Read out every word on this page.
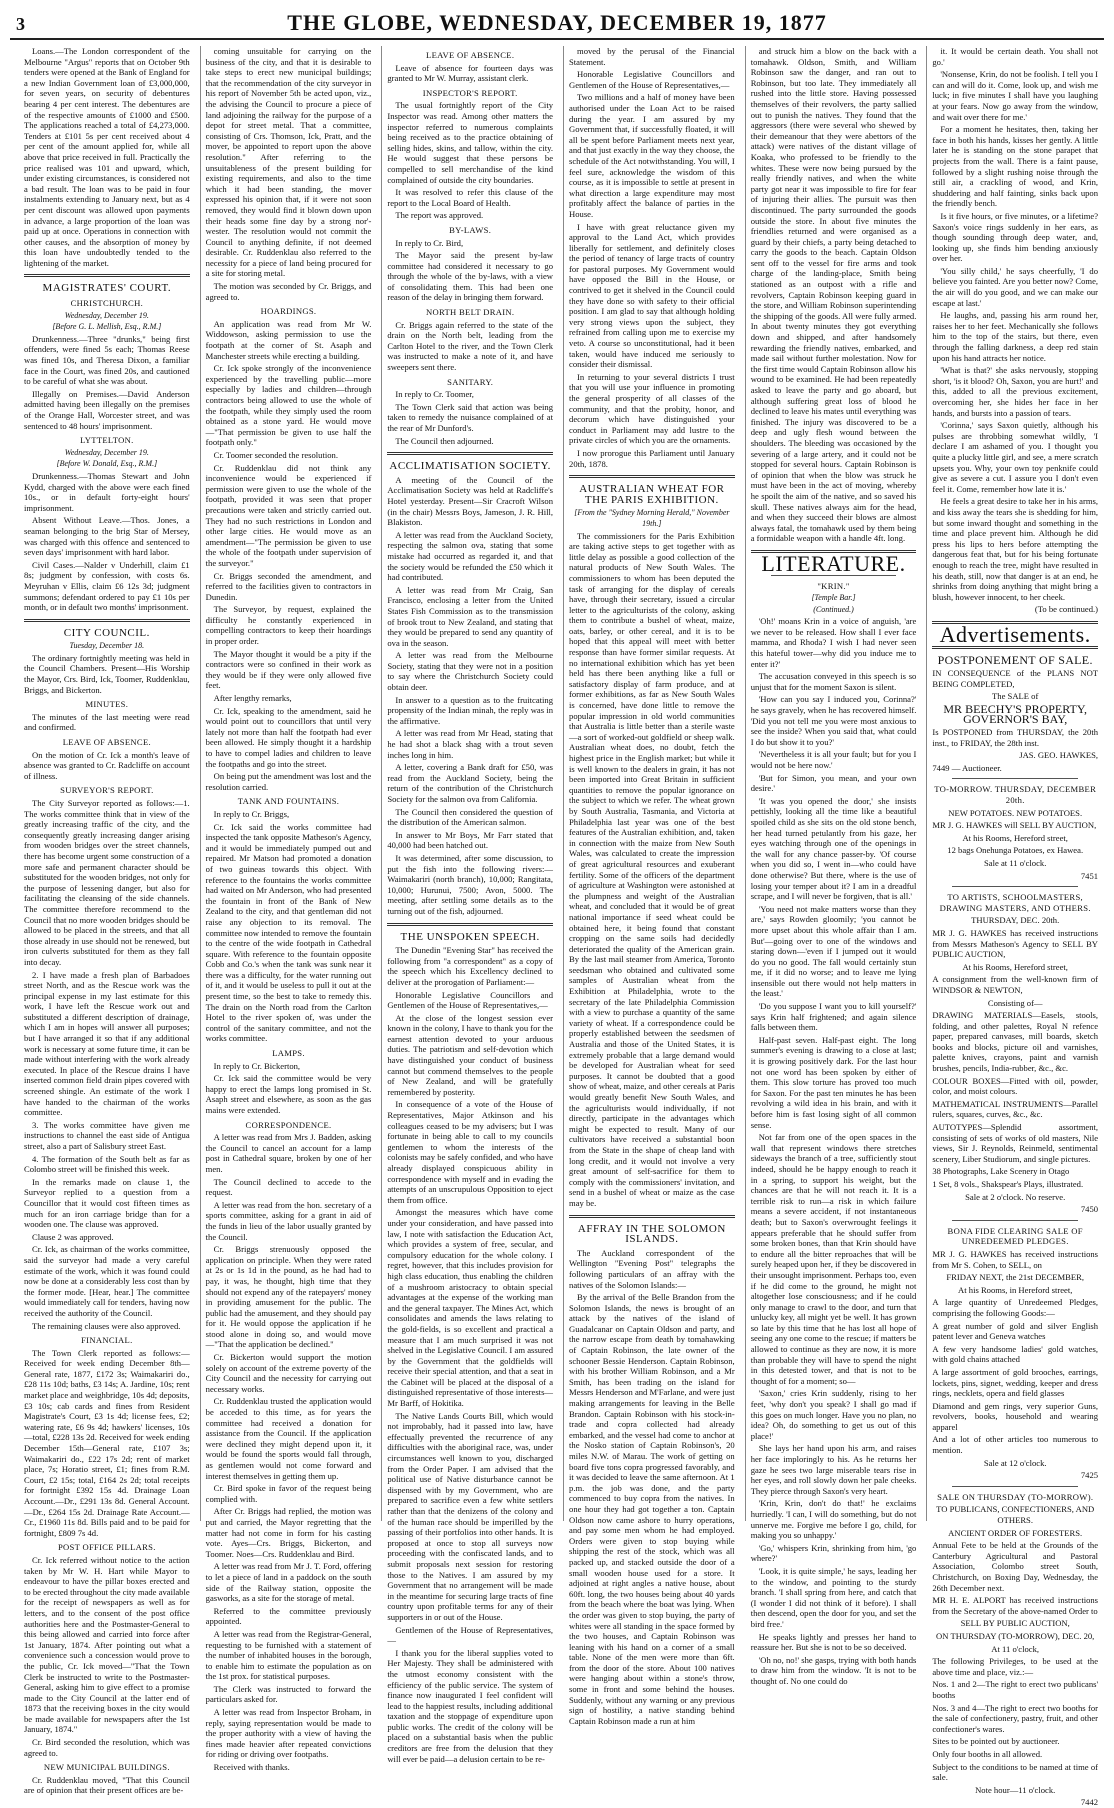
3	THE GLOBE, WEDNESDAY, DECEMBER 19, 1877

Loans.—The London correspondent of the Melbourne "Argus" reports that on October 9th tenders were opened at the Bank of England for a new Indian Government loan of £3,000,000, for seven years, on security of debentures bearing 4 per cent interest. The debentures are of the respective amounts of £1000 and £500. The applications reached a total of £4,273,000. Tenders at £101 5s per cent received about 4 per cent of the amount applied for, while all above that price received in full. Practically the price realised was 101 and upward, which, under existing circumstances, is considered not a bad result. The loan was to be paid in four instalments extending to January next, but as 4 per cent discount was allowed upon payments in advance, a large proportion of the loan was paid up at once. Operations in connection with other causes, and the absorption of money by this loan have undoubtedly tended to the lightening of the market.

MAGISTRATES' COURT.
CHRISTCHURCH.
Wednesday, December 19.
[Before G. L. Mellish, Esq., R.M.]

Drunkenness.—Three "drunks," being first offenders, were fined 5s each; Thomas Reese was fined 10s, and Theresa Dixon, a familiar face in the Court, was fined 20s, and cautioned to be careful of what she was about.

Illegally on Premises.—David Anderson admitted having been illegally on the premises of the Orange Hall, Worcester street, and was sentenced to 48 hours' imprisonment.

LYTTELTON.
Wednesday, December 19.
[Before W. Donald, Esq., R.M.]

Drunkenness.—Thomas Stewart and John Kydd, charged with the above were each fined 10s., or in default forty-eight hours' imprisonment.

Absent Without Leave.—Thos. Jones, a seaman belonging to the brig Star of Mersey, was charged with this offence and sentenced to seven days' imprisonment with hard labor.

Civil Cases.—Nalder v Underhill, claim £1 8s; judgment by confession, with costs 6s. Meyruhan v Ellis, claim £6 12s 3d; judgment summons; defendant ordered to pay £1 10s per month, or in default two months' imprisonment.

CITY COUNCIL.
Tuesday, December 18.

The ordinary fortnightly meeting was held in the Council Chambers. Present—His Worship the Mayor, Crs. Bird, Ick, Toomer, Ruddenklau, Briggs, and Bickerton.

MINUTES.

The minutes of the last meeting were read and confirmed.

LEAVE OF ABSENCE.

On the motion of Cr. Ick a month's leave of absence was granted to Cr. Radcliffe on account of illness.

SURVEYOR'S REPORT.

The City Surveyor reported as follows:—1. The works committee think that in view of the greatly increasing traffic of the city, and the consequently greatly increasing danger arising from wooden bridges over the street channels, there has become urgent some construction of a more safe and permanent character should be substituted for the wooden bridges, not only for the purpose of lessening danger, but also for facilitating the cleansing of the side channels. The committee therefore recommend to the Council that no more wooden bridges should be allowed to be placed in the streets, and that all those already in use should not be renewed, but iron culverts substituted for them as they fall into decay.

2. I have made a fresh plan of Barbadoes street North, and as the Rescue work was the principal expense in my last estimate for this work, I have left the Rescue work out and substituted a different description of drainage, which I am in hopes will answer all purposes; but I have arranged it so that if any additional work is necessary at some future time, it can be made without interfering with the work already executed. In place of the Rescue drains I have inserted common field drain pipes covered with screened shingle. An estimate of the work I have handed to the chairman of the works committee.

3. The works committee have given me instructions to channel the east side of Antigua street, also a part of Salisbury street East.

4. The formation of the South belt as far as Colombo street will be finished this week.

In the remarks made on clause 1, the Surveyor replied to a question from a Councillor that it would cost fifteen times as much for an iron carriage bridge than for a wooden one. The clause was approved.

Clause 2 was approved.

Cr. Ick, as chairman of the works committee, said the surveyor had made a very careful estimate of the work, which it was found could now be done at a considerably less cost than by the former mode. [Hear, hear.] The committee would immediately call for tenders, having now received the authority of the Council.

The remaining clauses were also approved.

FINANCIAL.

The Town Clerk reported as follows:—Received for week ending December 8th—General rate, 1877, £172 3s; Waimakariri do., £28 11s 10d; baths, £3 14s; A. Jardine, 10s; rent market place and weighbridge, 10s 4d; deposits, £3 10s; cab cards and fines from Resident Magistrate's Court, £3 1s 4d; license fees, £2; watering rate, £6 9s 4d; hawkers' licenses, 10s—total, £228 13s 2d. Received for week ending December 15th—General rate, £107 3s; Waimakariri do., £22 17s 2d; rent of market place, 7s; Horatio street, £1; fines from R.M. Court, £2 15s; total, £164 2s 2d; total receipts for fortnight £392 15s 4d. Drainage Loan Account.—Dr., £291 13s 8d. General Account.—Dr., £264 15s 2d. Drainage Rate Account.—Cr., £1960 11s 8d. Bills paid and to be paid for fortnight, £809 7s 4d.

POST OFFICE PILLARS.

Cr. Ick referred without notice to the action taken by Mr W. H. Hart while Mayor to endeavour to have the pillar boxes erected and to be erected throughout the city made available for the receipt of newspapers as well as for letters, and to the consent of the post office authorities here and the Postmaster-General to this being allowed and carried into force after 1st January, 1874. After pointing out what a convenience such a concession would prove to the public, Cr. Ick moved—"That the Town Clerk be instructed to write to the Postmaster-General, asking him to give effect to a promise made to the City Council at the latter end of 1873 that the receiving boxes in the city would be made available for newspapers after the 1st January, 1874."

Cr. Bird seconded the resolution, which was agreed to.

NEW MUNICIPAL BUILDINGS.

Cr. Ruddenklau moved, "That this Council are of opinion that their present offices are be-

coming unsuitable for carrying on the business of the city, and that it is desirable to take steps to erect new municipal buildings; that the recommendation of the city surveyor in his report of November 5th be acted upon, viz., the advising the Council to procure a piece of land adjoining the railway for the purpose of a depot for street metal. That a committee, consisting of Crs. Thomson, Ick, Pratt, and the mover, be appointed to report upon the above resolution." After referring to the unsuitableness of the present building for existing requirements, and also to the time which it had been standing, the mover expressed his opinion that, if it were not soon removed, they would find it blown down upon their heads some fine day by a strong nor'-wester. The resolution would not commit the Council to anything definite, if not deemed desirable. Cr. Ruddenklau also referred to the necessity for a piece of land being procured for a site for storing metal.

The motion was seconded by Cr. Briggs, and agreed to.

HOARDINGS.

An application was read from Mr W. Widdowson, asking permission to use the footpath at the corner of St. Asaph and Manchester streets while erecting a building.

Cr. Ick spoke strongly of the inconvenience experienced by the travelling public—more especially by ladies and children—through contractors being allowed to use the whole of the footpath, while they simply used the room obtained as a stone yard. He would move—"That permission be given to use half the footpath only."

Cr. Toomer seconded the resolution.

Cr. Ruddenklau did not think any inconvenience would be experienced if permission were given to use the whole of the footpath, provided it was seen that proper precautions were taken and strictly carried out. They had no such restrictions in London and other large cities. He would move as an amendment—"The permission be given to use the whole of the footpath under supervision of the surveyor."

Cr. Briggs seconded the amendment, and referred to the facilities given to contractors in Dunedin.

The Surveyor, by request, explained the difficulty he constantly experienced in compelling contractors to keep their hoardings in proper order.

The Mayor thought it would be a pity if the contractors were so confined in their work as they would be if they were only allowed five feet.

After lengthy remarks,

Cr. Ick, speaking to the amendment, said he would point out to councillors that until very lately not more than half the footpath had ever been allowed. He simply thought it a hardship to have to compel ladies and children to leave the footpaths and go into the street.

On being put the amendment was lost and the resolution carried.

TANK AND FOUNTAINS.

In reply to Cr. Briggs,

Cr. Ick said the works committee had inspected the tank opposite Matheson's Agency, and it would be immediately pumped out and repaired. Mr Matson had promoted a donation of two guineas towards this object. With reference to the fountains the works committee had waited on Mr Anderson, who had presented the fountain in front of the Bank of New Zealand to the city, and that gentleman did not raise any objection to its removal. The committee now intended to remove the fountain to the centre of the wide footpath in Cathedral square. With reference to the fountain opposite Cobb and Co.'s when the tank was sunk near it there was a difficulty, for the water running out of it, and it would be useless to pull it out at the present time, so the best to take to remedy this. The drain on the North road from the Carlton Hotel to the river spoken of, was under the control of the sanitary committee, and not the works committee.

LAMPS.

In reply to Cr. Bickerton,

Cr. Ick said the committee would be very happy to erect the lamps long promised in St. Asaph street and elsewhere, as soon as the gas mains were extended.

CORRESPONDENCE.

A letter was read from Mrs J. Badden, asking the Council to cancel an account for a lamp post in Cathedral square, broken by one of her men.

The Council declined to accede to the request.

A letter was read from the hon. secretary of a sports committee, asking for a grant in aid of the funds in lieu of the labor usually granted by the Council.

Cr. Briggs strenuously opposed the application on principle. When they were rated at 2s or 1s 1d in the pound, as he had had to pay, it was, he thought, high time that they should not expend any of the ratepayers' money in providing amusement for the public. The public had the amusement, and they should pay for it. He would oppose the application if he stood alone in doing so, and would move—"That the application be declined."

Cr. Bickerton would support the motion solely on account of the extreme poverty of the City Council and the necessity for carrying out necessary works.

Cr. Ruddenklau trusted the application would be acceded to this time, as for years the committee had received a donation for assistance from the Council. If the application were declined they might depend upon it, it would be found the sports would fall through, as gentlemen would not come forward and interest themselves in getting them up.

Cr. Bird spoke in favor of the request being complied with.

After Cr. Briggs had replied, the motion was put and carried, the Mayor regretting that the matter had not come in form for his casting vote. Ayes—Crs. Briggs, Bickerton, and Toomer. Noes—Crs. Ruddenklau and Bird.

A letter was read from Mr J. T. Ford, offering to let a piece of land in a paddock on the south side of the Railway station, opposite the gasworks, as a site for the storage of metal.

Referred to the committee previously appointed.

A letter was read from the Registrar-General, requesting to be furnished with a statement of the number of inhabited houses in the borough, to enable him to estimate the population as on the 1st prox. for statistical purposes.

The Clerk was instructed to forward the particulars asked for.

A letter was read from Inspector Broham, in reply, saying representation would be made to the proper authority with a view of having the fines made heavier after repeated convictions for riding or driving over footpaths.

Received with thanks.

LEAVE OF ABSENCE.

Leave of absence for fourteen days was granted to Mr W. Murray, assistant clerk.

INSPECTOR'S REPORT.

The usual fortnightly report of the City Inspector was read. Among other matters the inspector referred to numerous complaints being received as to the practice obtaining of selling hides, skins, and tallow, within the city. He would suggest that these persons be compelled to sell merchandise of the kind complained of outside the city boundaries.

It was resolved to refer this clause of the report to the Local Board of Health.

The report was approved.

BY-LAWS.

In reply to Cr. Bird,

The Mayor said the present by-law committee had considered it necessary to go through the whole of the by-laws, with a view of consolidating them. This had been one reason of the delay in bringing them forward.

NORTH BELT DRAIN.

Cr. Briggs again referred to the state of the drain on the North belt, leading from the Carlton Hotel to the river, and the Town Clerk was instructed to make a note of it, and have sweepers sent there.

SANITARY.

In reply to Cr. Toomer,

The Town Clerk said that action was being taken to remedy the nuisance complained of at the rear of Mr Dunford's.

The Council then adjourned.

ACCLIMATISATION SOCIETY.

A meeting of the Council of the Acclimatisation Society was held at Radcliffe's Hotel yesterday. Present—Sir Cracroft Wilson (in the chair) Messrs Boys, Jameson, J. R. Hill, Blakiston.

A letter was read from the Auckland Society, respecting the salmon ova, stating that some mistake had occurred as regarded it, and that the society would be refunded the £50 which it had contributed.

A letter was read from Mr Craig, San Francisco, enclosing a letter from the United States Fish Commission as to the transmission of brook trout to New Zealand, and stating that they would be prepared to send any quantity of ova in the season.

A letter was read from the Melbourne Society, stating that they were not in a position to say where the Christchurch Society could obtain deer.

In answer to a question as to the fruitcating propensity of the Indian minah, the reply was in the affirmative.

A letter was read from Mr Head, stating that he had shot a black shag with a trout seven inches long in him.

A letter, covering a Bank draft for £50, was read from the Auckland Society, being the return of the contribution of the Christchurch Society for the salmon ova from California.

The Council then considered the question of the distribution of the American salmon.

In answer to Mr Boys, Mr Farr stated that 40,000 had been hatched out.

It was determined, after some discussion, to put the fish into the following rivers:—Waimakariri (north branch), 10,000; Rangitata, 10,000; Hurunui, 7500; Avon, 5000. The meeting, after settling some details as to the turning out of the fish, adjourned.

THE UNSPOKEN SPEECH.

The Dunedin "Evening Star" has received the following from "a correspondent" as a copy of the speech which his Excellency declined to deliver at the prorogation of Parliament:—

Honorable Legislative Councillors and Gentlemen of the House of Representatives,—

At the close of the longest session ever known in the colony, I have to thank you for the earnest attention devoted to your arduous duties. The patriotism and self-devotion which have distinguished your conduct of business cannot but commend themselves to the people of New Zealand, and will be gratefully remembered by posterity.

In consequence of a vote of the House of Representatives, Major Atkinson and his colleagues ceased to be my advisers; but I was fortunate in being able to call to my councils gentlemen to whom the interests of the colonists may be safely confided, and who have already displayed conspicuous ability in correspondence with myself and in evading the attempts of an unscrupulous Opposition to eject them from office.

Amongst the measures which have come under your consideration, and have passed into law, I note with satisfaction the Education Act, which provides a system of free, secular, and compulsory education for the whole colony. I regret, however, that this includes provision for high class education, thus enabling the children of a mushroom aristocracy to obtain special advantages at the expense of the working man and the general taxpayer. The Mines Act, which consolidates and amends the laws relating to the gold-fields, is so excellent and practical a measure that I am much surprised it was not shelved in the Legislative Council. I am assured by the Government that the goldfields will receive their special attention, and that a seat in the Cabinet will be placed at the disposal of a distinguished representative of those interests—Mr Barff, of Hokitika.

The Native Lands Courts Bill, which would not improbably, had it passed into law, have effectually prevented the recurrence of any difficulties with the aboriginal race, was, under circumstances well known to you, discharged from the Order Paper. I am advised that the political use of Native disturbance cannot be dispensed with by my Government, who are prepared to sacrifice even a few white settlers rather than that the denizens of the colony and of the human race should be imperilled by the passing of their portfolios into other hands. It is proposed at once to stop all surveys now proceeding with the confiscated lands, and to submit proposals next session for restoring those to the Natives. I am assured by my Government that no arrangement will be made in the meantime for securing large tracts of fine country upon profitable terms for any of their supporters in or out of the House.

Gentlemen of the House of Representatives,—

I thank you for the liberal supplies voted to Her Majesty. They shall be administered with the utmost economy consistent with the efficiency of the public service. The system of finance now inaugurated I feel confident will lead to the happiest results, including additional taxation and the stoppage of expenditure upon public works. The credit of the colony will be placed on a substantial basis when the public creditors are free from the delusion that they will ever be paid—a delusion certain to be re-

moved by the perusal of the Financial Statement.

Honorable Legislative Councillors and Gentlemen of the House of Representatives,—

Two millions and a half of money have been authorised under the Loan Act to be raised during the year. I am assured by my Government that, if successfully floated, it will all be spent before Parliament meets next year, and that just exactly in the way they choose, the schedule of the Act notwithstanding. You will, I feel sure, acknowledge the wisdom of this course, as it is impossible to settle at present in what direction a large expenditure may most profitably affect the balance of parties in the House.

I have with great reluctance given my approval to the Land Act, which provides liberally for settlement, and definitely closes the period of tenancy of large tracts of country for pastoral purposes. My Government would have opposed the Bill in the House, or contrived to get it shelved in the Council could they have done so with safety to their official position. I am glad to say that although holding very strong views upon the subject, they refrained from calling upon me to exercise my veto. A course so unconstitutional, had it been taken, would have induced me seriously to consider their dismissal.

In returning to your several districts I trust that you will use your influence in promoting the general prosperity of all classes of the community, and that the probity, honor, and decorum which have distinguished your conduct in Parliament may add lustre to the private circles of which you are the ornaments.

I now prorogue this Parliament until January 20th, 1878.

AUSTRALIAN WHEAT FOR THE PARIS EXHIBITION.
[From the "Sydney Morning Herald," November 19th.]

The commissioners for the Paris Exhibition are taking active steps to get together with as little delay as possible a good collection of the natural products of New South Wales. The commissioners to whom has been deputed the task of arranging for the display of cereals have, through their secretary, issued a circular letter to the agriculturists of the colony, asking them to contribute a bushel of wheat, maize, oats, barley, or other cereal, and it is to be hoped that this appeal will meet with better response than have former similar requests. At no international exhibition which has yet been held has there been anything like a full or satisfactory display of farm produce, and at former exhibitions, as far as New South Wales is concerned, have done little to remove the popular impression in old world communities that Australia is little better than a sterile waste—a sort of worked-out goldfield or sheep walk. Australian wheat does, no doubt, fetch the highest price in the English market; but while it is well known to the dealers in grain, it has not been imported into Great Britain in sufficient quantities to remove the popular ignorance on the subject to which we refer. The wheat grown by South Australia, Tasmania, and Victoria at Philadelphia last year was one of the best features of the Australian exhibition, and, taken in connection with the maize from New South Wales, was calculated to create the impression of great agricultural resources and exuberant fertility. Some of the officers of the department of agriculture at Washington were astonished at the plumpness and weight of the Australian wheat, and concluded that it would be of great national importance if seed wheat could be obtained here, it being found that constant cropping on the same soils had decidedly deteriorated the quality of the American grain. By the last mail steamer from America, Toronto seedsman who obtained and cultivated some samples of Australian wheat from the Exhibition at Philadelphia, wrote to the secretary of the late Philadelphia Commission with a view to purchase a quantity of the same variety of wheat. If a correspondence could be properly established between the seedsmen of Australia and those of the United States, it is extremely probable that a large demand would be developed for Australian wheat for seed purposes. It cannot be doubted that a good show of wheat, maize, and other cereals at Paris would greatly benefit New South Wales, and the agriculturists would individually, if not directly, participate in the advantages which might be expected to result. Many of our cultivators have received a substantial boon from the State in the shape of cheap land with long credit, and it would not involve a very great amount of self-sacrifice for them to comply with the commissioners' invitation, and send in a bushel of wheat or maize as the case may be.

AFFRAY IN THE SOLOMON ISLANDS.

The Auckland correspondent of the Wellington "Evening Post" telegraphs the following particulars of an affray with the natives of the Solomon Islands:—

By the arrival of the Belle Brandon from the Solomon Islands, the news is brought of an attack by the natives of the island of Guadalcanar on Captain Oldson and party, and the narrow escape from death by tomahawking of Captain Robinson, the late owner of the schooner Bessie Henderson. Captain Robinson, with his brother William Robinson, and a Mr Smith, has been trading on the island for Messrs Henderson and M'Farlane, and were just making arrangements for leaving in the Belle Brandon. Captain Robinson with his stock-in-trade and copra collected had already embarked, and the vessel had come to anchor at the Nosko station of Captain Robinson's, 20 miles N.W. of Marau. The work of getting on board five tons copra progressed favorably, and it was decided to leave the same afternoon. At 1 p.m. the job was done, and the party commenced to buy copra from the natives. In one hour they had got together a ton. Captain Oldson now came ashore to hurry operations, and pay some men whom he had employed. Orders were given to stop buying while shipping the rest of the stock, which was all packed up, and stacked outside the door of a small wooden house used for a store. It adjoined at right angles a native house, about 60ft. long, the two houses being about 40 yards from the beach where the boat was lying. When the order was given to stop buying, the party of whites were all standing in the space formed by the two houses, and Captain Robinson was leaning with his hand on a corner of a small table. None of the men were more than 6ft. from the door of the store. About 100 natives were hanging about within a stone's throw, some in front and some behind the houses. Suddenly, without any warning or any previous sign of hostility, a native standing behind Captain Robinson made a run at him

and struck him a blow on the back with a tomahawk. Oldson, Smith, and William Robinson saw the danger, and ran out to Robinson, but too late. They immediately all rushed into the little store. Having possessed themselves of their revolvers, the party sallied out to punish the natives. They found that the aggressors (there were several who shewed by their demeanour that they were abettors of the attack) were natives of the distant village of Koaka, who professed to be friendly to the whites. These were now being pursued by the really friendly natives, and when the white party got near it was impossible to fire for fear of injuring their allies. The pursuit was then discontinued. The party surrounded the goods outside the store. In about five minutes the friendlies returned and were organised as a guard by their chiefs, a party being detached to carry the goods to the beach. Captain Oldson sent off to the vessel for fire arms and took charge of the landing-place, Smith being stationed as an outpost with a rifle and revolvers, Captain Robinson keeping guard in the store, and William Robinson superintending the shipping of the goods. All were fully armed. In about twenty minutes they got everything down and shipped, and after handsomely rewarding the friendly natives, embarked, and made sail without further molestation. Now for the first time would Captain Robinson allow his wound to be examined. He had been repeatedly asked to leave the party and go aboard, but although suffering great loss of blood he declined to leave his mates until everything was finished. The injury was discovered to be a deep and ugly flesh wound between the shoulders. The bleeding was occasioned by the severing of a large artery, and it could not be stopped for several hours. Captain Robinson is of opinion that when the blow was struck he must have been in the act of moving, whereby he spoilt the aim of the native, and so saved his skull. These natives always aim for the head, and when they succeed their blows are almost always fatal, the tomahawk used by them being a formidable weapon with a handle 4ft. long.

LITERATURE.
"KRIN."
[Temple Bar.]
(Continued.)

'Oh!' moans Krin in a voice of anguish, 'are we never to be released. How shall I ever face mamma, and Rhoda? I wish I had never seen this hateful tower—why did you induce me to enter it?'

The accusation conveyed in this speech is so unjust that for the moment Saxon is silent.

'How can you say I induced you, Corinna?' he says gravely, when he has recovered himself. 'Did you not tell me you were most anxious to see the inside? When you said that, what could I do but show it to you?'

'Nevertheless it is all your fault; but for you I would not be here now.'

'But for Simon, you mean, and your own desire.'

'It was you opened the door,' she insists pettishly, looking all the time like a beautiful spoiled child as she sits on the old stone bench, her head turned petulantly from his gaze, her eyes watching through one of the openings in the wall for any chance passer-by. 'Of course when you did so, I went in—who could have done otherwise? But there, where is the use of losing your temper about it? I am in a dreadful scrape, and I will never be forgiven, that is all.'

'You need not make matters worse than they are,' says Rowden gloomily; 'you cannot be more upset about this whole affair than I am. But'—going over to one of the windows and staring down—'even if I jumped out it would do you no good. The fall would certainly stun me, if it did no worse; and to leave me lying insensible out there would not help matters in the least.'

'Do you suppose I want you to kill yourself?' says Krin half frightened; and again silence falls between them.

Half-past seven. Half-past eight. The long summer's evening is drawing to a close at last; it is growing positively dark. For the last hour not one word has been spoken by either of them. This slow torture has proved too much for Saxon. For the past ten minutes he has been revolving a wild idea in his brain, and with it before him is fast losing sight of all common sense.

Not far from one of the open spaces in the wall that represent windows there stretches sideways the branch of a tree, sufficiently stout indeed, should he be happy enough to reach it in a spring, to support his weight, but the chances are that he will not reach it. It is a terrible risk to run—a risk in which failure means a severe accident, if not instantaneous death; but to Saxon's overwrought feelings it appears preferable that he should suffer from some broken bones, than that Krin should have to endure all the bitter reproaches that will be surely heaped upon her, if they be discovered in their unsought imprisonment. Perhaps too, even if he did come to the ground, he might not altogether lose consciousness; and if he could only manage to crawl to the door, and turn that unlucky key, all might yet be well. It has grown so late by this time that he has lost all hope of seeing any one come to the rescue; if matters be allowed to continue as they are now, it is more than probable they will have to spend the night in this detested tower, and that is not to be thought of for a moment; so—

'Saxon,' cries Krin suddenly, rising to her feet, 'why don't you speak? I shall go mad if this goes on much longer. Have you no plan, no idea? Oh, do something to get us out of this place!'

She lays her hand upon his arm, and raises her face imploringly to his. As he returns her gaze he sees two large miserable tears rise in her eyes, and roll slowly down her pale cheeks. They pierce through Saxon's very heart.

'Krin, Krin, don't do that!' he exclaims hurriedly. 'I can, I will do something, but do not unnerve me. Forgive me before I go, child, for making you so unhappy.'

'Go,' whispers Krin, shrinking from him, 'go where?'

'Look, it is quite simple,' he says, leading her to the window, and pointing to the sturdy branch. 'I shall spring from here, and catch that (I wonder I did not think of it before). I shall then descend, open the door for you, and set the bird free.'

He speaks lightly and presses her hand to reassure her. But she is not to be so deceived.

'Oh no, no!' she gasps, trying with both hands to draw him from the window. 'It is not to be thought of. No one could do

it. It would be certain death. You shall not go.'

'Nonsense, Krin, do not be foolish. I tell you I can and will do it. Come, look up, and wish me luck; in five minutes I shall have you laughing at your fears. Now go away from the window, and wait over there for me.'

For a moment he hesitates, then, taking her face in both his hands, kisses her gently. A little later he is standing on the stone parapet that projects from the wall. There is a faint pause, followed by a slight rushing noise through the still air, a crackling of wood, and Krin, shuddering and half fainting, sinks back upon the friendly bench.

Is it five hours, or five minutes, or a lifetime? Saxon's voice rings suddenly in her ears, as though sounding through deep water, and, looking up, she finds him bending anxiously over her.

'You silly child,' he says cheerfully, 'I do believe you fainted. Are you better now? Come, the air will do you good, and we can make our escape at last.'

He laughs, and, passing his arm round her, raises her to her feet. Mechanically she follows him to the top of the stairs, but there, even through the falling darkness, a deep red stain upon his hand attracts her notice.

'What is that?' she asks nervously, stopping short, 'is it blood? Oh, Saxon, you are hurt!' and this, added to all the previous excitement, overcoming her, she hides her face in her hands, and bursts into a passion of tears.

'Corinna,' says Saxon quietly, although his pulses are throbbing somewhat wildly, 'I declare I am ashamed of you. I thought you quite a plucky little girl, and see, a mere scratch upsets you. Why, your own toy penknife could give as severe a cut. I assure you I don't even feel it. Come, remember how late it is.'

He feels a great desire to take her in his arms, and kiss away the tears she is shedding for him, but some inward thought and something in the time and place prevent him. Although he did press his lips to hers before attempting the dangerous feat that, but for his being fortunate enough to reach the tree, might have resulted in his death, still, now that danger is at an end, he shrinks from doing anything that might bring a blush, however innocent, to her cheek.

(To be continued.)

Advertisements.
POSTPONEMENT OF SALE.

IN CONSEQUENCE of the PLANS NOT BEING COMPLETED,

The SALE of

MR BEECHY'S PROPERTY, GOVERNOR'S BAY,

Is POSTPONED from THURSDAY, the 20th inst., to FRIDAY, the 28th inst.

JAS. GEO. HAWKES,

7449 — Auctioneer.

TO-MORROW. THURSDAY, DECEMBER 20th.

NEW POTATOES. NEW POTATOES.

MR J. G. HAWKES will SELL BY AUCTION,

At his Rooms, Hereford street,

12 bags Onehunga Potatoes, ex Hawea.

Sale at 11 o'clock.

7451

TO ARTISTS, SCHOOLMASTERS, DRAWING MASTERS, AND OTHERS.

THURSDAY, DEC. 20th.

MR J. G. HAWKES has received instructions from Messrs Matheson's Agency to SELL BY PUBLIC AUCTION,

At his Rooms, Hereford street,

A consignment from the well-known firm of WINDSOR & NEWTON,

Consisting of—

DRAWING MATERIALS—Easels, stools, folding, and other palettes, Royal N refence paper, prepared canvases, mill boards, sketch books and blocks, picture oil and varnishes, palette knives, crayons, paint and varnish brushes, pencils, India-rubber, &c., &c.

COLOUR BOXES—Fitted with oil, powder, color, and moist colours.

MATHEMATICAL INSTRUMENTS—Parallel rulers, squares, curves, &c., &c.

AUTOTYPES—Splendid assortment, consisting of sets of works of old masters, Nile views, Sir J. Reynolds, Reinmeld, sentimental scenery, Liber Studiorum, and single pictures.

38 Photographs, Lake Scenery in Otago

1 Set, 8 vols., Shakspear's Plays, illustrated.

Sale at 2 o'clock. No reserve.

7450

BONA FIDE CLEARING SALE OF UNREDEEMED PLEDGES.

MR J. G. HAWKES has received instructions from Mr S. Cohen, to SELL, on

FRIDAY NEXT, the 21st DECEMBER,

At his Rooms, in Hereford street,

A large quantity of Unredeemed Pledges, comprising the following Goods:—

A great number of gold and silver English patent lever and Geneva watches

A few very handsome ladies' gold watches, with gold chains attached

A large assortment of gold brooches, earrings, lockets, pins, signet, wedding, keeper and dress rings, necklets, opera and field glasses

Diamond and gem rings, very superior Guns, revolvers, books, household and wearing apparel

And a lot of other articles too numerous to mention.

Sale at 12 o'clock.

7425

SALE ON THURSDAY (TO-MORROW).

TO PUBLICANS, CONFECTIONERS, AND OTHERS.

ANCIENT ORDER OF FORESTERS.

Annual Fete to be held at the Grounds of the Canterbury Agricultural and Pastoral Association, Colombo street South, Christchurch, on Boxing Day, Wednesday, the 26th December next.

MR H. E. ALPORT has received instructions from the Secretary of the above-named Order to

SELL BY PUBLIC AUCTION,

ON THURSDAY (TO-MORROW), DEC. 20,

At 11 o'clock,

The following Privileges, to be used at the above time and place, viz.:—

Nos. 1 and 2—The right to erect two publicans' booths

Nos. 3 and 4—The right to erect two booths for the sale of confectionery, pastry, fruit, and other confectioner's wares.

Sites to be pointed out by auctioneer.

Only four booths in all allowed.

Subject to the conditions to be named at time of sale.

Note hour—11 o'clock.

7442
